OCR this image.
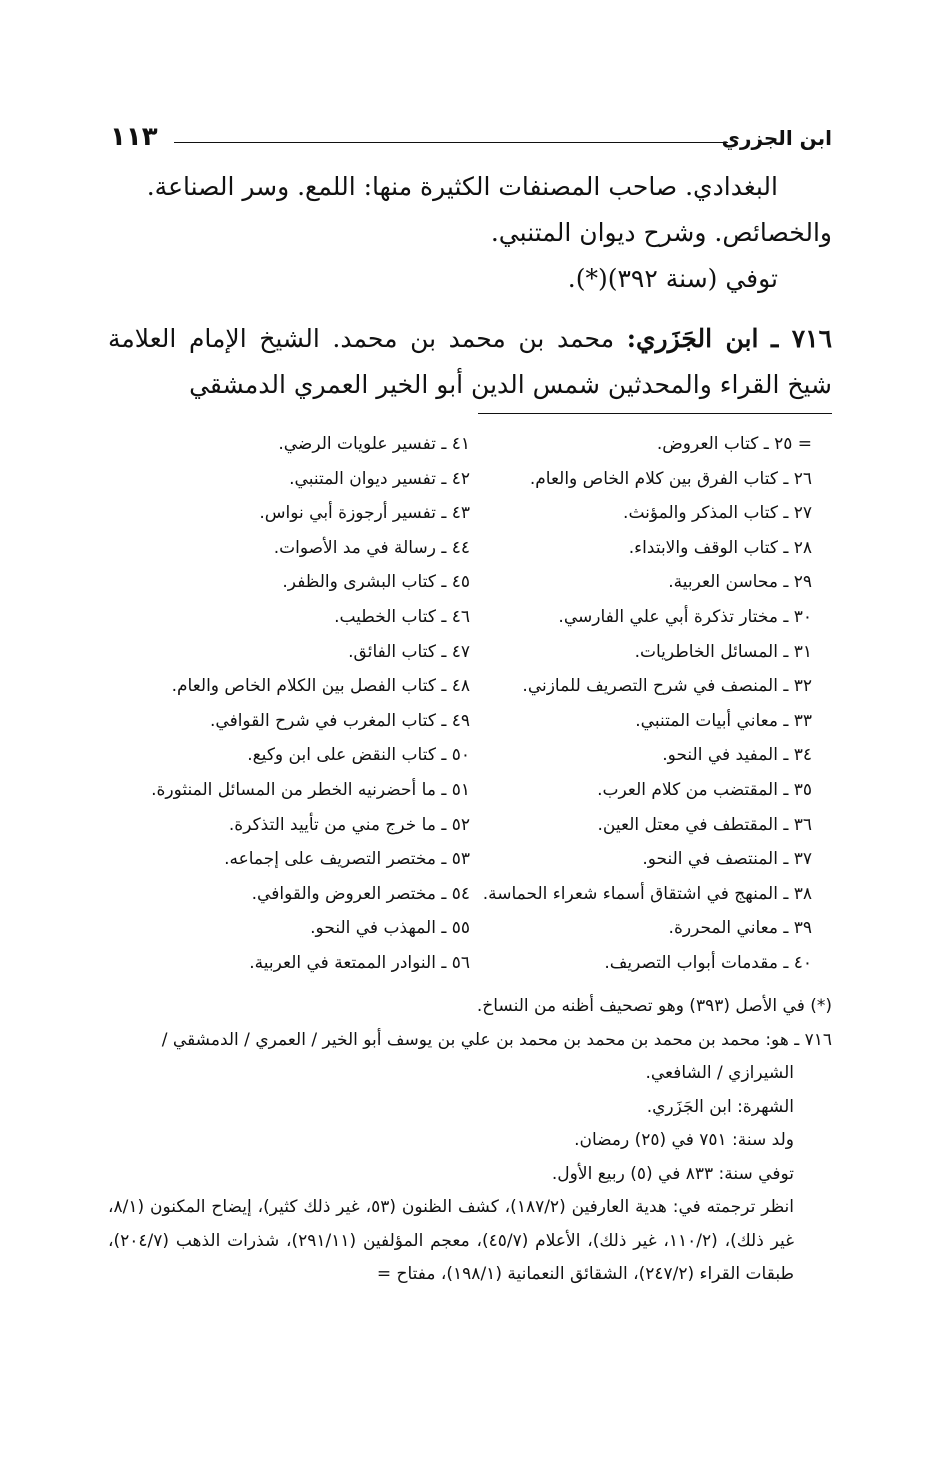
ابن الجزري
١١٣

البغدادي. صاحب المصنفات الكثيرة منها: اللمع. وسر الصناعة.

والخصائص. وشرح ديوان المتنبي.

توفي (سنة ٣٩٢)(*).

٧١٦ ـ ابن الجَزَري: محمد بن محمد بن محمد. الشيخ الإمام العلامة شيخ القراء والمحدثين شمس الدين أبو الخير العمري الدمشقي

= ٢٥ ـ كتاب العروض.
٢٦ ـ كتاب الفرق بين كلام الخاص والعام.
٢٧ ـ كتاب المذكر والمؤنث.
٢٨ ـ كتاب الوقف والابتداء.
٢٩ ـ محاسن العربية.
٣٠ ـ مختار تذكرة أبي علي الفارسي.
٣١ ـ المسائل الخاطريات.
٣٢ ـ المنصف في شرح التصريف للمازني.
٣٣ ـ معاني أبيات المتنبي.
٣٤ ـ المفيد في النحو.
٣٥ ـ المقتضب من كلام العرب.
٣٦ ـ المقتطف في معتل العين.
٣٧ ـ المنتصف في النحو.
٣٨ ـ المنهج في اشتقاق أسماء شعراء الحماسة.
٣٩ ـ معاني المحررة.
٤٠ ـ مقدمات أبواب التصريف.
٤١ ـ تفسير علويات الرضي.
٤٢ ـ تفسير ديوان المتنبي.
٤٣ ـ تفسير أرجوزة أبي نواس.
٤٤ ـ رسالة في مد الأصوات.
٤٥ ـ كتاب البشرى والظفر.
٤٦ ـ كتاب الخطيب.
٤٧ ـ كتاب الفائق.
٤٨ ـ كتاب الفصل بين الكلام الخاص والعام.
٤٩ ـ كتاب المغرب في شرح القوافي.
٥٠ ـ كتاب النقض على ابن وكيع.
٥١ ـ ما أحضرنيه الخطر من المسائل المنثورة.
٥٢ ـ ما خرج مني من تأييد التذكرة.
٥٣ ـ مختصر التصريف على إجماعه.
٥٤ ـ مختصر العروض والقوافي.
٥٥ ـ المهذب في النحو.
٥٦ ـ النوادر الممتعة في العربية.

(*) في الأصل (٣٩٣) وهو تصحيف أظنه من النساخ.

٧١٦ ـ هو: محمد بن محمد بن محمد بن محمد بن علي بن يوسف أبو الخير / العمري / الدمشقي /

الشيرازي / الشافعي.

الشهرة: ابن الجَزَري.

ولد سنة: ٧٥١ في (٢٥) رمضان.

توفي سنة: ٨٣٣ في (٥) ربيع الأول.

انظر ترجمته في: هدية العارفين (١٨٧/٢)، كشف الظنون (٥٣، غير ذلك كثير)، إيضاح المكنون (٨/١، غير ذلك)، (١١٠/٢، غير ذلك)، الأعلام (٤٥/٧)، معجم المؤلفين (٢٩١/١١)، شذرات الذهب (٢٠٤/٧)، طبقات القراء (٢٤٧/٢)، الشقائق النعمانية (١٩٨/١)، مفتاح =
